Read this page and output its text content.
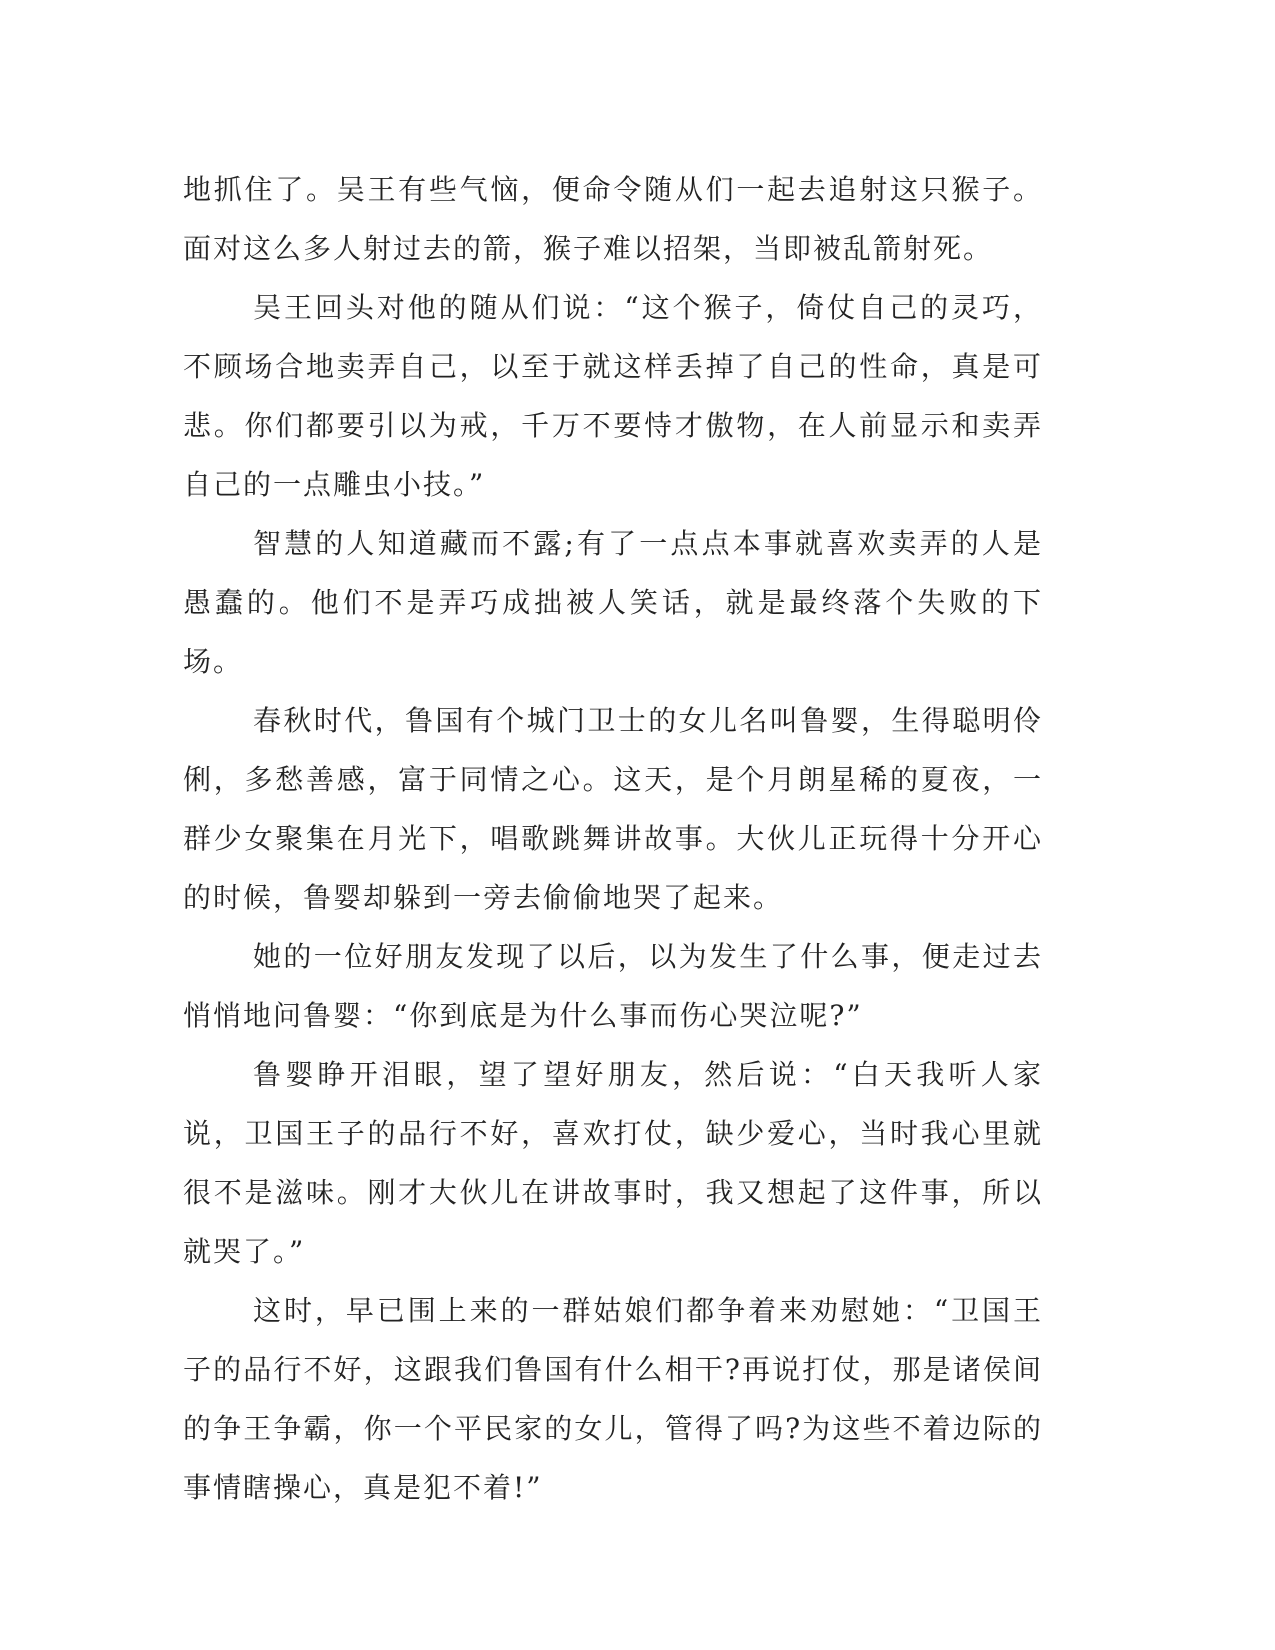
地抓住了。吴王有些气恼，便命令随从们一起去追射这只猴子。面对这么多人射过去的箭，猴子难以招架，当即被乱箭射死。

吴王回头对他的随从们说：“这个猴子，倚仗自己的灵巧，不顾场合地卖弄自己，以至于就这样丢掉了自己的性命，真是可悲。你们都要引以为戒，千万不要恃才傲物，在人前显示和卖弄自己的一点雕虫小技。”

智慧的人知道藏而不露;有了一点点本事就喜欢卖弄的人是愚蠢的。他们不是弄巧成拙被人笑话，就是最终落个失败的下场。

春秋时代，鲁国有个城门卫士的女儿名叫鲁婴，生得聪明伶俐，多愁善感，富于同情之心。这天，是个月朗星稀的夏夜，一群少女聚集在月光下，唱歌跳舞讲故事。大伙儿正玩得十分开心的时候，鲁婴却躲到一旁去偷偷地哭了起来。

她的一位好朋友发现了以后，以为发生了什么事，便走过去悄悄地问鲁婴：“你到底是为什么事而伤心哭泣呢?”

鲁婴睁开泪眼，望了望好朋友，然后说：“白天我听人家说，卫国王子的品行不好，喜欢打仗，缺少爱心，当时我心里就很不是滋味。刚才大伙儿在讲故事时，我又想起了这件事，所以就哭了。”

这时，早已围上来的一群姑娘们都争着来劝慰她：“卫国王子的品行不好，这跟我们鲁国有什么相干?再说打仗，那是诸侯间的争王争霸，你一个平民家的女儿，管得了吗?为这些不着边际的事情瞎操心，真是犯不着!”
